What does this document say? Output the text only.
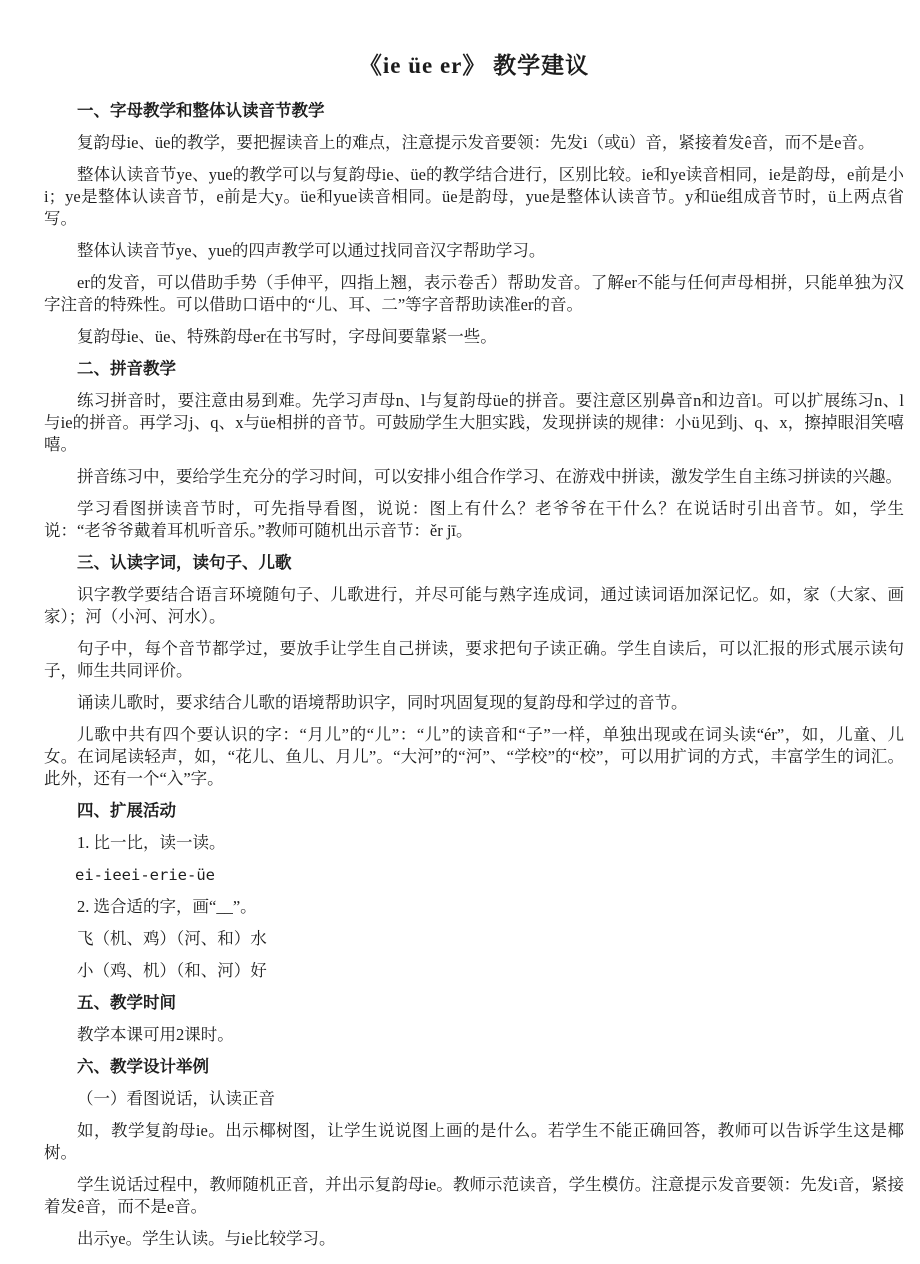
《ie üe er》 教学建议
一、字母教学和整体认读音节教学
复韵母ie、üe的教学，要把握读音上的难点，注意提示发音要领：先发i（或ü）音，紧接着发ê音，而不是e音。
整体认读音节ye、yue的教学可以与复韵母ie、üe的教学结合进行，区别比较。ie和ye读音相同，ie是韵母，e前是小i；ye是整体认读音节，e前是大y。üe和yue读音相同。üe是韵母，yue是整体认读音节。y和üe组成音节时，ü上两点省写。
整体认读音节ye、yue的四声教学可以通过找同音汉字帮助学习。
er的发音，可以借助手势（手伸平，四指上翘，表示卷舌）帮助发音。了解er不能与任何声母相拼，只能单独为汉字注音的特殊性。可以借助口语中的“儿、耳、二”等字音帮助读准er的音。
复韵母ie、üe、特殊韵母er在书写时，字母间要靠紧一些。
二、拼音教学
练习拼音时，要注意由易到难。先学习声母n、l与复韵母üe的拼音。要注意区别鼻音n和边音l。可以扩展练习n、l与ie的拼音。再学习j、q、x与üe相拼的音节。可鼓励学生大胆实践，发现拼读的规律：小ü见到j、q、x，擦掉眼泪笑嘻嘻。
拼音练习中，要给学生充分的学习时间，可以安排小组合作学习、在游戏中拼读，激发学生自主练习拼读的兴趣。
学习看图拼读音节时，可先指导看图，说说：图上有什么？老爷爷在干什么？在说话时引出音节。如，学生说：“老爷爷戴着耳机听音乐。”教师可随机出示音节：ěr jī。
三、认读字词，读句子、儿歌
识字教学要结合语言环境随句子、儿歌进行，并尽可能与熟字连成词，通过读词语加深记忆。如，家（大家、画家）；河（小河、河水）。
句子中，每个音节都学过，要放手让学生自己拼读，要求把句子读正确。学生自读后，可以汇报的形式展示读句子，师生共同评价。
诵读儿歌时，要求结合儿歌的语境帮助识字，同时巩固复现的复韵母和学过的音节。
儿歌中共有四个要认识的字：“月儿”的“儿”：“儿”的读音和“子”一样，单独出现或在词头读“ér”，如，儿童、儿女。在词尾读轻声，如，“花儿、鱼儿、月儿”。“大河”的“河”、“学校”的“校”，可以用扩词的方式，丰富学生的词汇。此外，还有一个“入”字。
四、扩展活动
1. 比一比，读一读。
ei-ieei-erie-üe
2. 选合适的字，画“__”。
飞（机、鸡）（河、和）水
小（鸡、机）（和、河）好
五、教学时间
教学本课可用2课时。
六、教学设计举例
（一）看图说话，认读正音
如，教学复韵母ie。出示椰树图，让学生说说图上画的是什么。若学生不能正确回答，教师可以告诉学生这是椰树。
学生说话过程中，教师随机正音，并出示复韵母ie。教师示范读音，学生模仿。注意提示发音要领：先发i音，紧接着发ê音，而不是e音。
出示ye。学生认读。与ie比较学习。
